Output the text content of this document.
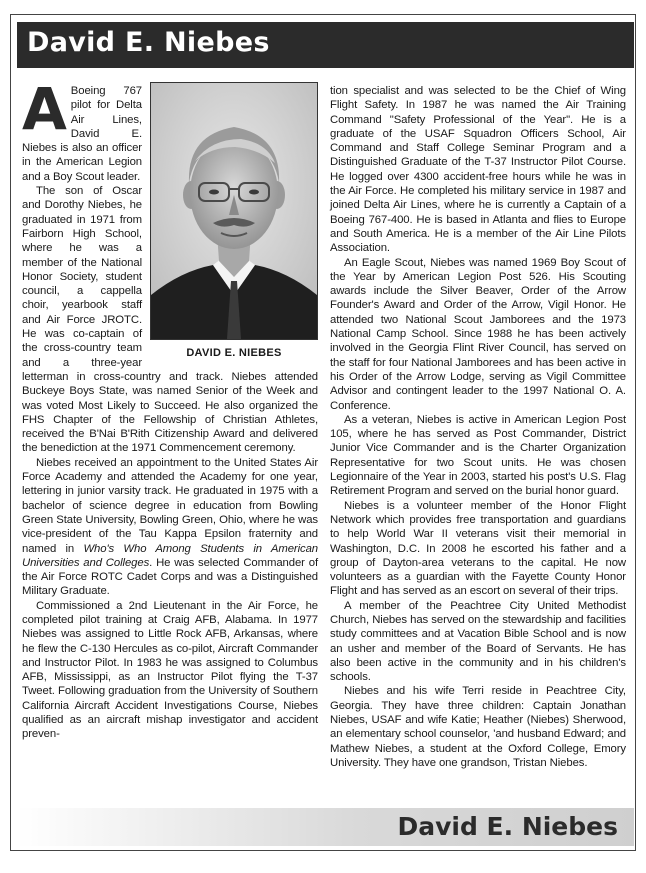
David E. Niebes
DAVID E. NIEBES
A Boeing 767 pilot for Delta Air Lines, David E. Niebes is also an officer in the American Legion and a Boy Scout leader.

The son of Oscar and Dorothy Niebes, he graduated in 1971 from Fairborn High School, where he was a member of the National Honor Society, student council, a cappella choir, yearbook staff and Air Force JROTC. He was co-captain of the cross-country team and a three-year letterman in cross-country and track. Niebes attended Buckeye Boys State, was named Senior of the Week and was voted Most Likely to Succeed. He also organized the FHS Chapter of the Fellowship of Christian Athletes, received the B'Nai B'Rith Citizenship Award and delivered the benediction at the 1971 Commencement ceremony.

Niebes received an appointment to the United States Air Force Academy and attended the Academy for one year, lettering in junior varsity track. He graduated in 1975 with a bachelor of science degree in education from Bowling Green State University, Bowling Green, Ohio, where he was vice-president of the Tau Kappa Epsilon fraternity and named in Who's Who Among Students in American Universities and Colleges. He was selected Commander of the Air Force ROTC Cadet Corps and was a Distinguished Military Graduate.

Commissioned a 2nd Lieutenant in the Air Force, he completed pilot training at Craig AFB, Alabama. In 1977 Niebes was assigned to Little Rock AFB, Arkansas, where he flew the C-130 Hercules as co-pilot, Aircraft Commander and Instructor Pilot. In 1983 he was assigned to Columbus AFB, Mississippi, as an Instructor Pilot flying the T-37 Tweet. Following graduation from the University of Southern California Aircraft Accident Investigations Course, Niebes qualified as an aircraft mishap investigator and accident preven-

tion specialist and was selected to be the Chief of Wing Flight Safety. In 1987 he was named the Air Training Command "Safety Professional of the Year". He is a graduate of the USAF Squadron Officers School, Air Command and Staff College Seminar Program and a Distinguished Graduate of the T-37 Instructor Pilot Course. He logged over 4300 accident-free hours while he was in the Air Force. He completed his military service in 1987 and joined Delta Air Lines, where he is currently a Captain of a Boeing 767-400. He is based in Atlanta and flies to Europe and South America. He is a member of the Air Line Pilots Association.

An Eagle Scout, Niebes was named 1969 Boy Scout of the Year by American Legion Post 526. His Scouting awards include the Silver Beaver, Order of the Arrow Founder's Award and Order of the Arrow, Vigil Honor. He attended two National Scout Jamborees and the 1973 National Camp School. Since 1988 he has been actively involved in the Georgia Flint River Council, has served on the staff for four National Jamborees and has been active in his Order of the Arrow Lodge, serving as Vigil Committee Advisor and contingent leader to the 1997 National O. A. Conference.

As a veteran, Niebes is active in American Legion Post 105, where he has served as Post Commander, District Junior Vice Commander and is the Charter Organization Representative for two Scout units. He was chosen Legionnaire of the Year in 2003, started his post's U.S. Flag Retirement Program and served on the burial honor guard.

Niebes is a volunteer member of the Honor Flight Network which provides free transportation and guardians to help World War II veterans visit their memorial in Washington, D.C. In 2008 he escorted his father and a group of Dayton-area veterans to the capital. He now volunteers as a guardian with the Fayette County Honor Flight and has served as an escort on several of their trips.

A member of the Peachtree City United Methodist Church, Niebes has served on the stewardship and facilities study committees and at Vacation Bible School and is now an usher and member of the Board of Servants. He has also been active in the community and in his children's schools.

Niebes and his wife Terri reside in Peachtree City, Georgia. They have three children: Captain Jonathan Niebes, USAF and wife Katie; Heather (Niebes) Sherwood, an elementary school counselor, 'and husband Edward; and Mathew Niebes, a student at the Oxford College, Emory University. They have one grandson, Tristan Niebes.

David E. Niebes
